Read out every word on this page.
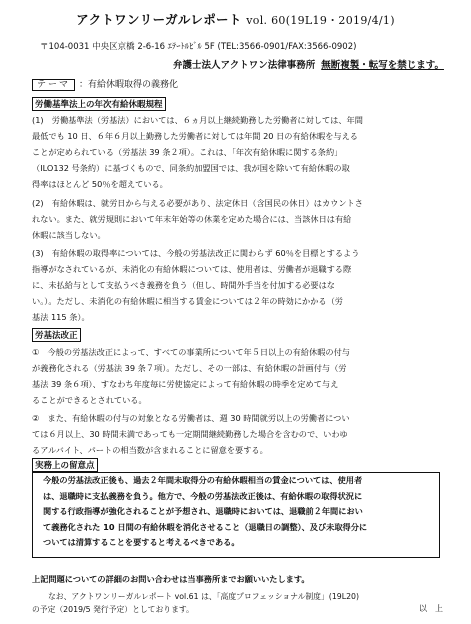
アクトワンリーガルレポート vol. 60(19L19・2019/4/1)
〒104-0031 中央区京橋 2-6-16 ｴﾃｰﾄﾙﾋﾞﾙ 5F (TEL:3566-0901/FAX:3566-0902)
弁護士法人アクトワン法律事務所 無断複製・転写を禁じます。
テーマ ：有給休暇取得の義務化
労働基準法上の年次有給休暇規程
(1)　労働基準法（労基法）においては、６ヵ月以上継続勤務した労働者に対しては、年間
最低でも 10 日、６年６月以上勤務した労働者に対しては年間 20 日の有給休暇を与える
ことが定められている（労基法 39 条２項）。これは、「年次有給休暇に関する条約」
（ILO132 号条約）に基づくもので、同条約加盟国では、我が国を除いて有給休暇の取
得率はほとんど 50％を超えている。
(2)　有給休暇は、就労日から与える必要があり、法定休日（含国民の休日）はカウントさ
れない。また、就労規則において年末年始等の休業を定めた場合には、当該休日は有給
休暇に該当しない。
(3)　有給休暇の取得率については、今般の労基法改正に関わらず 60％を目標とするよう
指導がなされているが、未消化の有給休暇については、使用者は、労働者が退職する際
に、未払給与として支払うべき義務を負う（但し、時間外手当を付加する必要はな
い。）。ただし、未消化の有給休暇に相当する賃金については２年の時効にかかる（労
基法 115 条）。
労基法改正
①　今般の労基法改正によって、すべての事業所について年５日以上の有給休暇の付与
が義務化される（労基法 39 条７項）。ただし、その一部は、有給休暇の計画付与（労
基法 39 条６項）、すなわち年度毎に労使協定によって有給休暇の時季を定めて与え
ることができるとされている。
②　また、有給休暇の付与の対象となる労働者は、週 30 時間就労以上の労働者につい
ては６月以上、30 時間未満であっても一定期間継続勤務した場合を含むので、いわゆ
るアルバイト、パートの相当数が含まれることに留意を要する。
実務上の留意点
今般の労基法改正後も、過去２年間未取得分の有給休暇相当の賃金については、使用者
は、退職時に支払義務を負う。他方で、今般の労基法改正後は、有給休暇の取得状況に
関する行政指導が強化されることが予想され、退職時においては、退職前２年間におい
て義務化された 10 日間の有給休暇を消化させること（退職日の調整）、及び未取得分に
ついては清算することを要すると考えるべきである。
上記問題についての詳細のお問い合わせは当事務所までお願いいたします。
なお、アクトワンリーガルレポート vol.61 は、「高度プロフェッショナル制度」(19L20)
の予定（2019/5 発行予定）としております。	以　上
